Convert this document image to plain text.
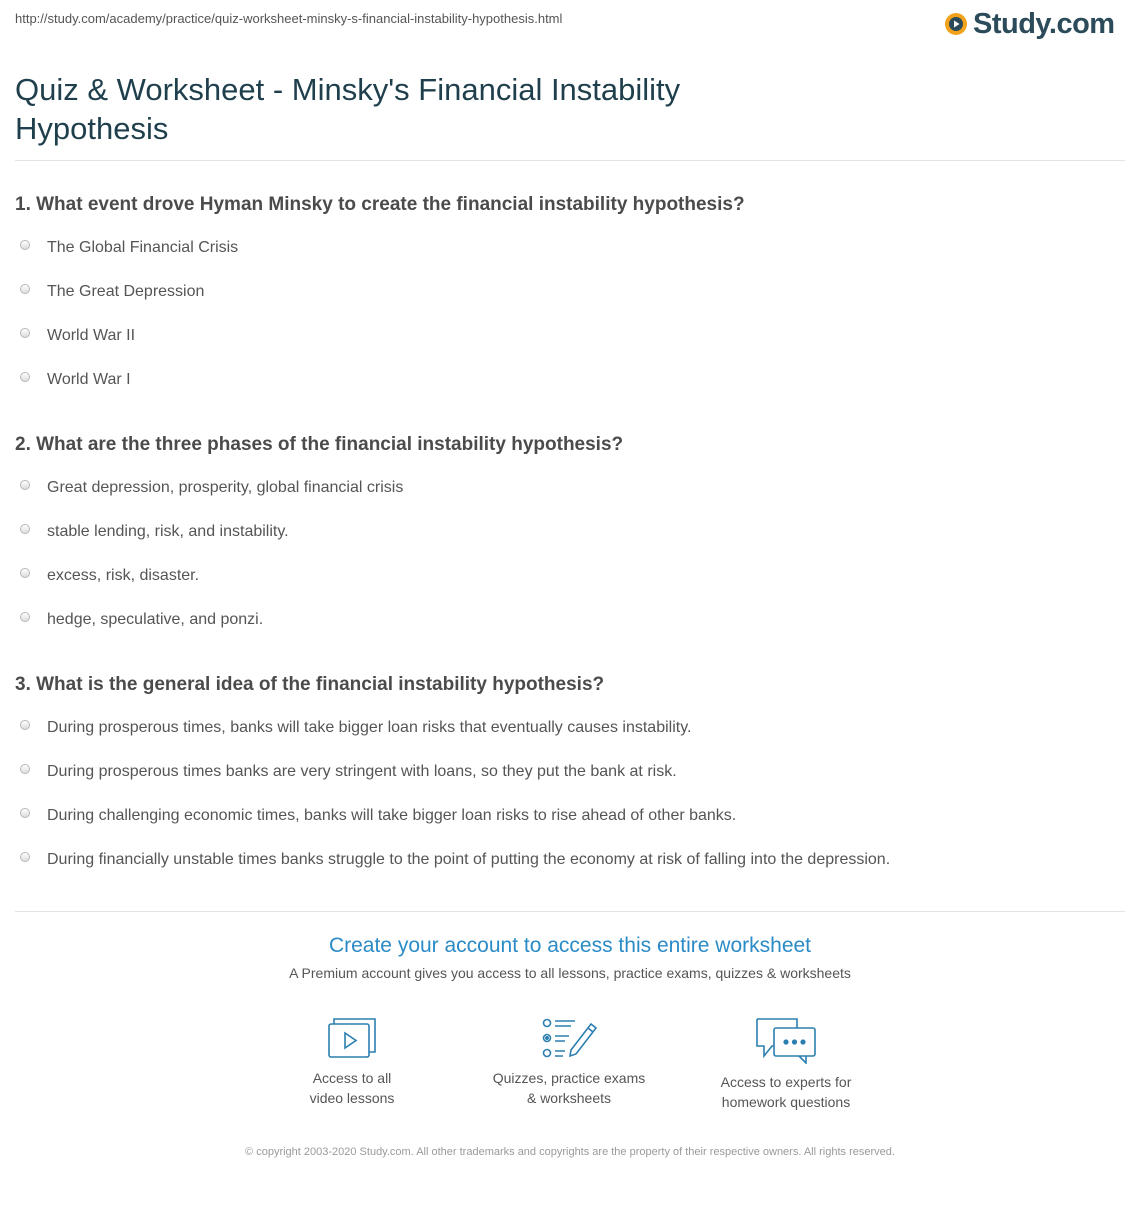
http://study.com/academy/practice/quiz-worksheet-minsky-s-financial-instability-hypothesis.html	Study.com
Quiz & Worksheet - Minsky's Financial Instability Hypothesis
1. What event drove Hyman Minsky to create the financial instability hypothesis?
The Global Financial Crisis
The Great Depression
World War II
World War I
2. What are the three phases of the financial instability hypothesis?
Great depression, prosperity, global financial crisis
stable lending, risk, and instability.
excess, risk, disaster.
hedge, speculative, and ponzi.
3. What is the general idea of the financial instability hypothesis?
During prosperous times, banks will take bigger loan risks that eventually causes instability.
During prosperous times banks are very stringent with loans, so they put the bank at risk.
During challenging economic times, banks will take bigger loan risks to rise ahead of other banks.
During financially unstable times banks struggle to the point of putting the economy at risk of falling into the depression.
Create your account to access this entire worksheet
A Premium account gives you access to all lessons, practice exams, quizzes & worksheets
Access to all
video lessons
Quizzes, practice exams
& worksheets
Access to experts for
homework questions
© copyright 2003-2020 Study.com. All other trademarks and copyrights are the property of their respective owners. All rights reserved.
